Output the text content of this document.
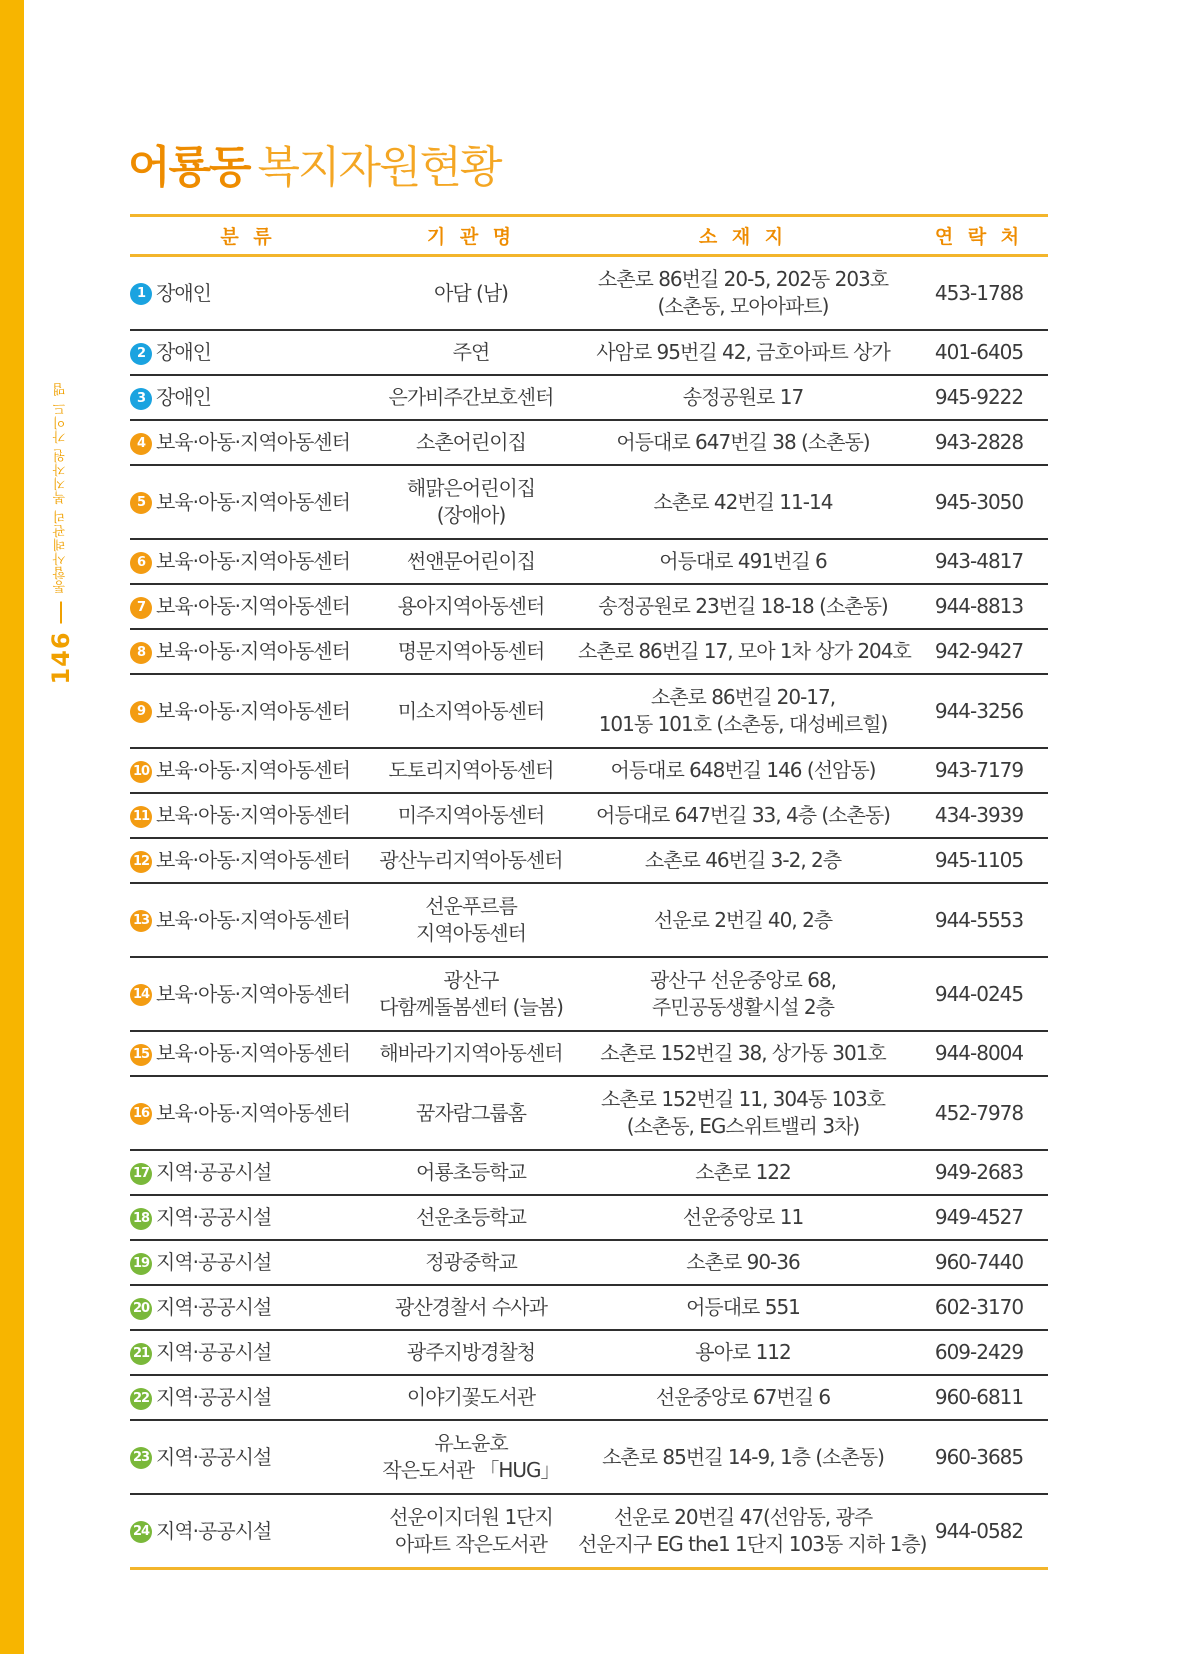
146
통합사례관리 복지자원 가이드 맵
어룡동 복지자원현황
분 류	기 관 명	소 재 지	연 락 처
1 장애인	아담 (남)	소촌로 86번길 20-5, 202동 203호
(소촌동, 모아아파트)	453-1788
2 장애인	주연	사암로 95번길 42, 금호아파트 상가	401-6405
3 장애인	은가비주간보호센터	송정공원로 17	945-9222
4 보육·아동·지역아동센터	소촌어린이집	어등대로 647번길 38 (소촌동)	943-2828
5 보육·아동·지역아동센터	해맑은어린이집
(장애아)	소촌로 42번길 11-14	945-3050
6 보육·아동·지역아동센터	썬앤문어린이집	어등대로 491번길 6	943-4817
7 보육·아동·지역아동센터	용아지역아동센터	송정공원로 23번길 18-18 (소촌동)	944-8813
8 보육·아동·지역아동센터	명문지역아동센터	소촌로 86번길 17, 모아 1차 상가 204호	942-9427
9 보육·아동·지역아동센터	미소지역아동센터	소촌로 86번길 20-17,
101동 101호 (소촌동, 대성베르힐)	944-3256
10 보육·아동·지역아동센터	도토리지역아동센터	어등대로 648번길 146 (선암동)	943-7179
11 보육·아동·지역아동센터	미주지역아동센터	어등대로 647번길 33, 4층 (소촌동)	434-3939
12 보육·아동·지역아동센터	광산누리지역아동센터	소촌로 46번길 3-2, 2층	945-1105
13 보육·아동·지역아동센터	선운푸르름
지역아동센터	선운로 2번길 40, 2층	944-5553
14 보육·아동·지역아동센터	광산구
다함께돌봄센터 (늘봄)	광산구 선운중앙로 68,
주민공동생활시설 2층	944-0245
15 보육·아동·지역아동센터	해바라기지역아동센터	소촌로 152번길 38, 상가동 301호	944-8004
16 보육·아동·지역아동센터	꿈자람그룹홈	소촌로 152번길 11, 304동 103호
(소촌동, EG스위트밸리 3차)	452-7978
17 지역·공공시설	어룡초등학교	소촌로 122	949-2683
18 지역·공공시설	선운초등학교	선운중앙로 11	949-4527
19 지역·공공시설	정광중학교	소촌로 90-36	960-7440
20 지역·공공시설	광산경찰서 수사과	어등대로 551	602-3170
21 지역·공공시설	광주지방경찰청	용아로 112	609-2429
22 지역·공공시설	이야기꽃도서관	선운중앙로 67번길 6	960-6811
23 지역·공공시설	유노윤호
작은도서관 「HUG」	소촌로 85번길 14-9, 1층 (소촌동)	960-3685
24 지역·공공시설	선운이지더원 1단지
아파트 작은도서관	선운로 20번길 47(선암동, 광주
선운지구 EG the1 1단지 103동 지하 1층)	944-0582
